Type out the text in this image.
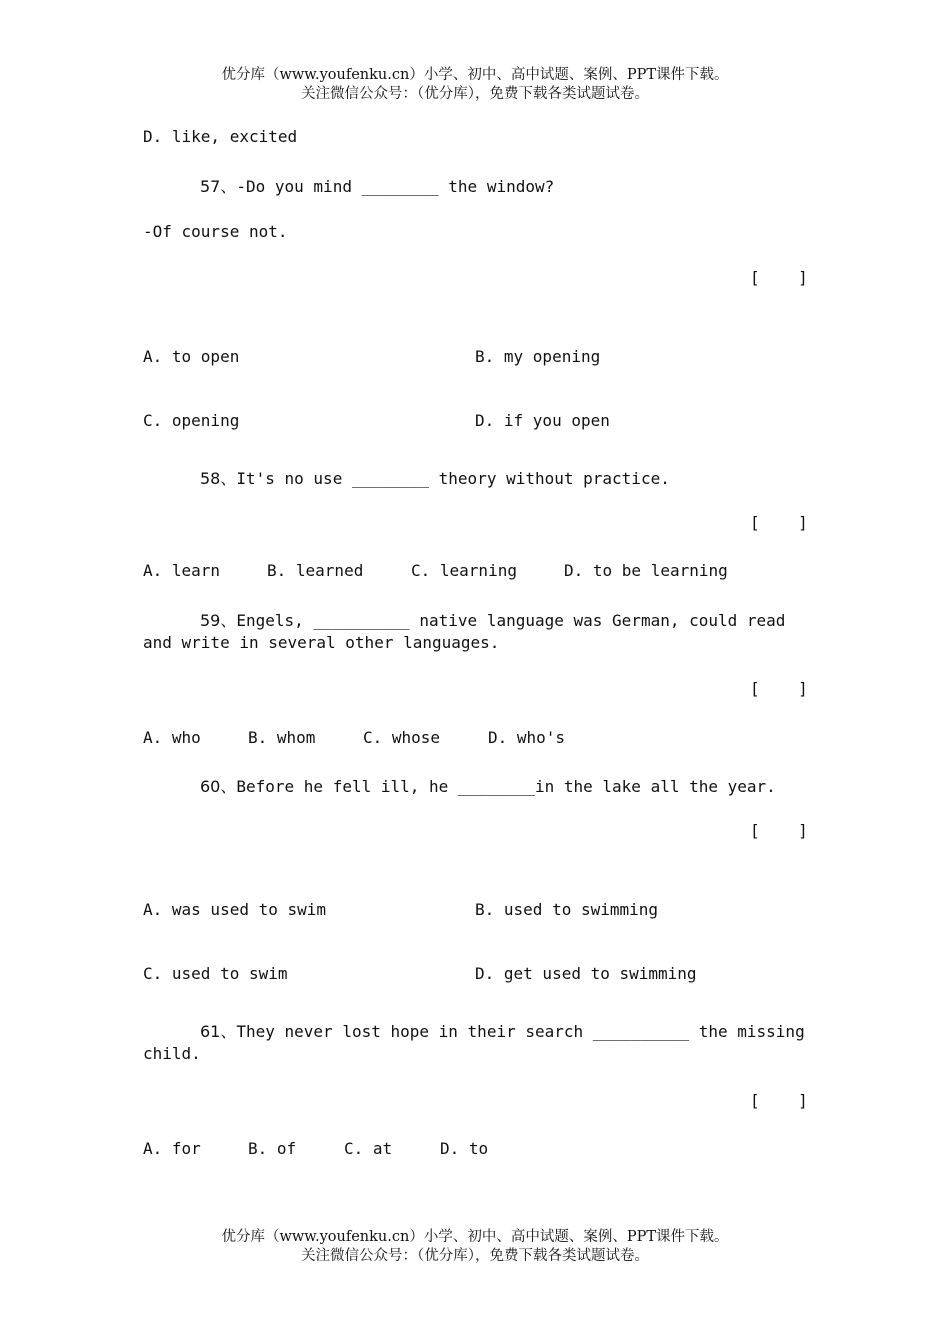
优分库（www.youfenku.cn）小学、初中、高中试题、案例、PPT课件下载。
关注微信公众号：（优分库），免费下载各类试题试卷。
D. like, excited
57、-Do you mind ________ the window?
-Of course not.
[    ]
A. to open	B. my opening
C. opening	D. if you open
58、It's no use ________ theory without practice.
[    ]
A. learn	B. learned	C. learning	D. to be learning
59、Engels, __________ native language was German, could read
and write in several other languages.
[    ]
A. who	B. whom	C. whose	D. who's
60、Before he fell ill, he ________in the lake all the year.
[    ]
A. was used to swim	B. used to swimming
C. used to swim	D. get used to swimming
61、They never lost hope in their search __________ the missing
child.
[    ]
A. for	B. of	C. at	D. to
优分库（www.youfenku.cn）小学、初中、高中试题、案例、PPT课件下载。
关注微信公众号：（优分库），免费下载各类试题试卷。
